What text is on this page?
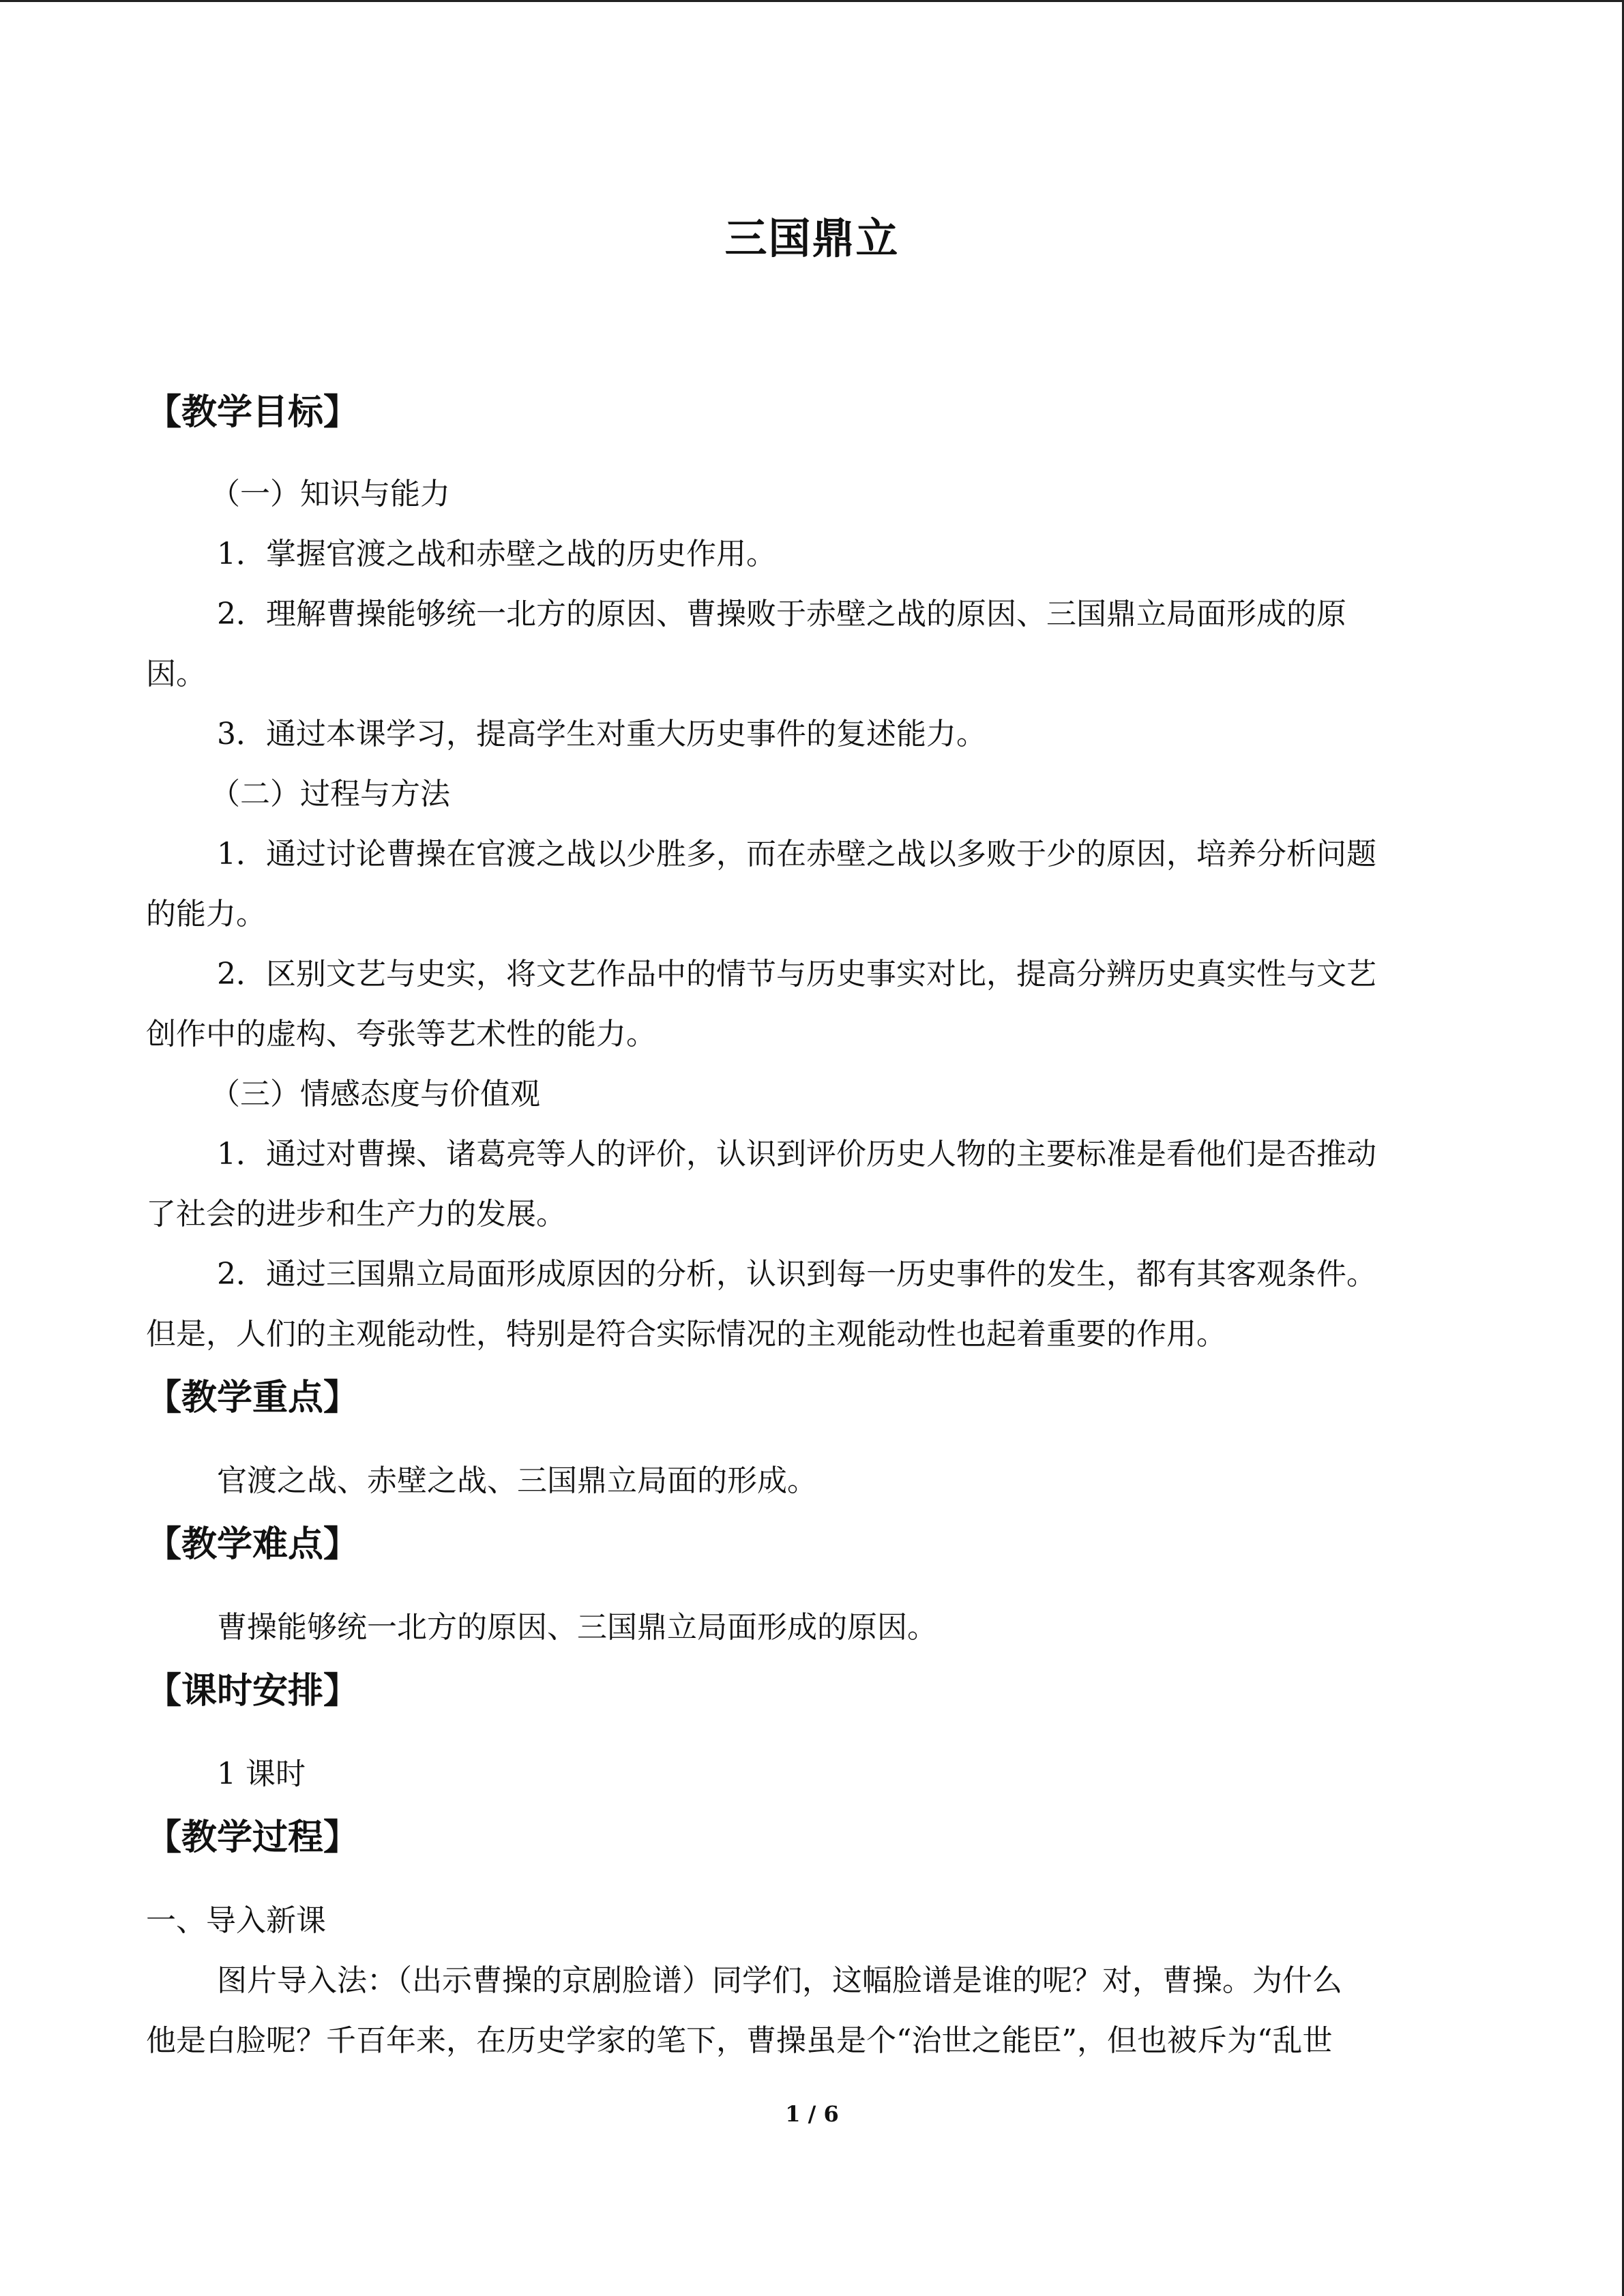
三国鼎立
【教学目标】
（一）知识与能力
1．掌握官渡之战和赤壁之战的历史作用。
2．理解曹操能够统一北方的原因、曹操败于赤壁之战的原因、三国鼎立局面形成的原
因。
3．通过本课学习，提高学生对重大历史事件的复述能力。
（二）过程与方法
1．通过讨论曹操在官渡之战以少胜多，而在赤壁之战以多败于少的原因，培养分析问题
的能力。
2．区别文艺与史实，将文艺作品中的情节与历史事实对比，提高分辨历史真实性与文艺
创作中的虚构、夸张等艺术性的能力。
（三）情感态度与价值观
1．通过对曹操、诸葛亮等人的评价，认识到评价历史人物的主要标准是看他们是否推动
了社会的进步和生产力的发展。
2．通过三国鼎立局面形成原因的分析，认识到每一历史事件的发生，都有其客观条件。
但是，人们的主观能动性，特别是符合实际情况的主观能动性也起着重要的作用。
【教学重点】
官渡之战、赤壁之战、三国鼎立局面的形成。
【教学难点】
曹操能够统一北方的原因、三国鼎立局面形成的原因。
【课时安排】
1 课时
【教学过程】
一、导入新课
图片导入法：（出示曹操的京剧脸谱）同学们，这幅脸谱是谁的呢？对，曹操。为什么
他是白脸呢？千百年来，在历史学家的笔下，曹操虽是个“治世之能臣”，但也被斥为“乱世
1 / 6
